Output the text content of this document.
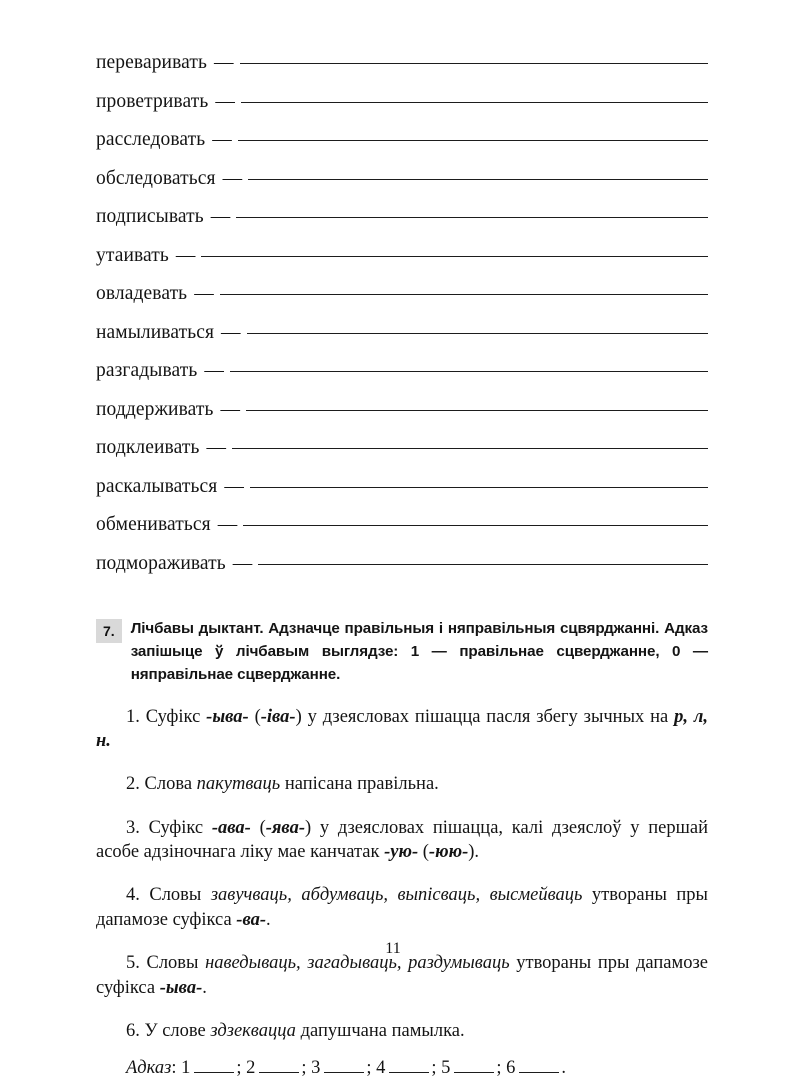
переваривать —
проветривать —
расследовать —
обследоваться —
подписывать —
утаивать —
овладевать —
намыливаться —
разгадывать —
поддерживать —
подклеивать —
раскалываться —
обмениваться —
подмораживать —
7.	Лічбавы дыктант. Адзначце правільныя і няправільныя сцвярджанні. Адказ запішыце ў лічбавым выглядзе: 1 — правільнае сцверджанне, 0 — няправільнае сцверджанне.

1. Суфікс -ыва- (-іва-) у дзеясловах пішацца пасля збегу зычных на р, л, н.

2. Слова пакутваць напісана правільна.

3. Суфікс -ава- (-ява-) у дзеясловах пішацца, калі дзеяслоў у першай асобе адзіночнага ліку мае канчатак -ую- (-юю-).

4. Словы завучваць, абдумваць, выпісваць, высмейваць утвораны пры дапамозе суфікса -ва-.

5. Словы наведываць, загадываць, раздумываць утвораны пры дапамозе суфікса -ыва-.

6. У слове здзеквацца дапушчана памылка.

Адказ: 1 ; 2 ; 3 ; 4 ; 5 ; 6 .
11
